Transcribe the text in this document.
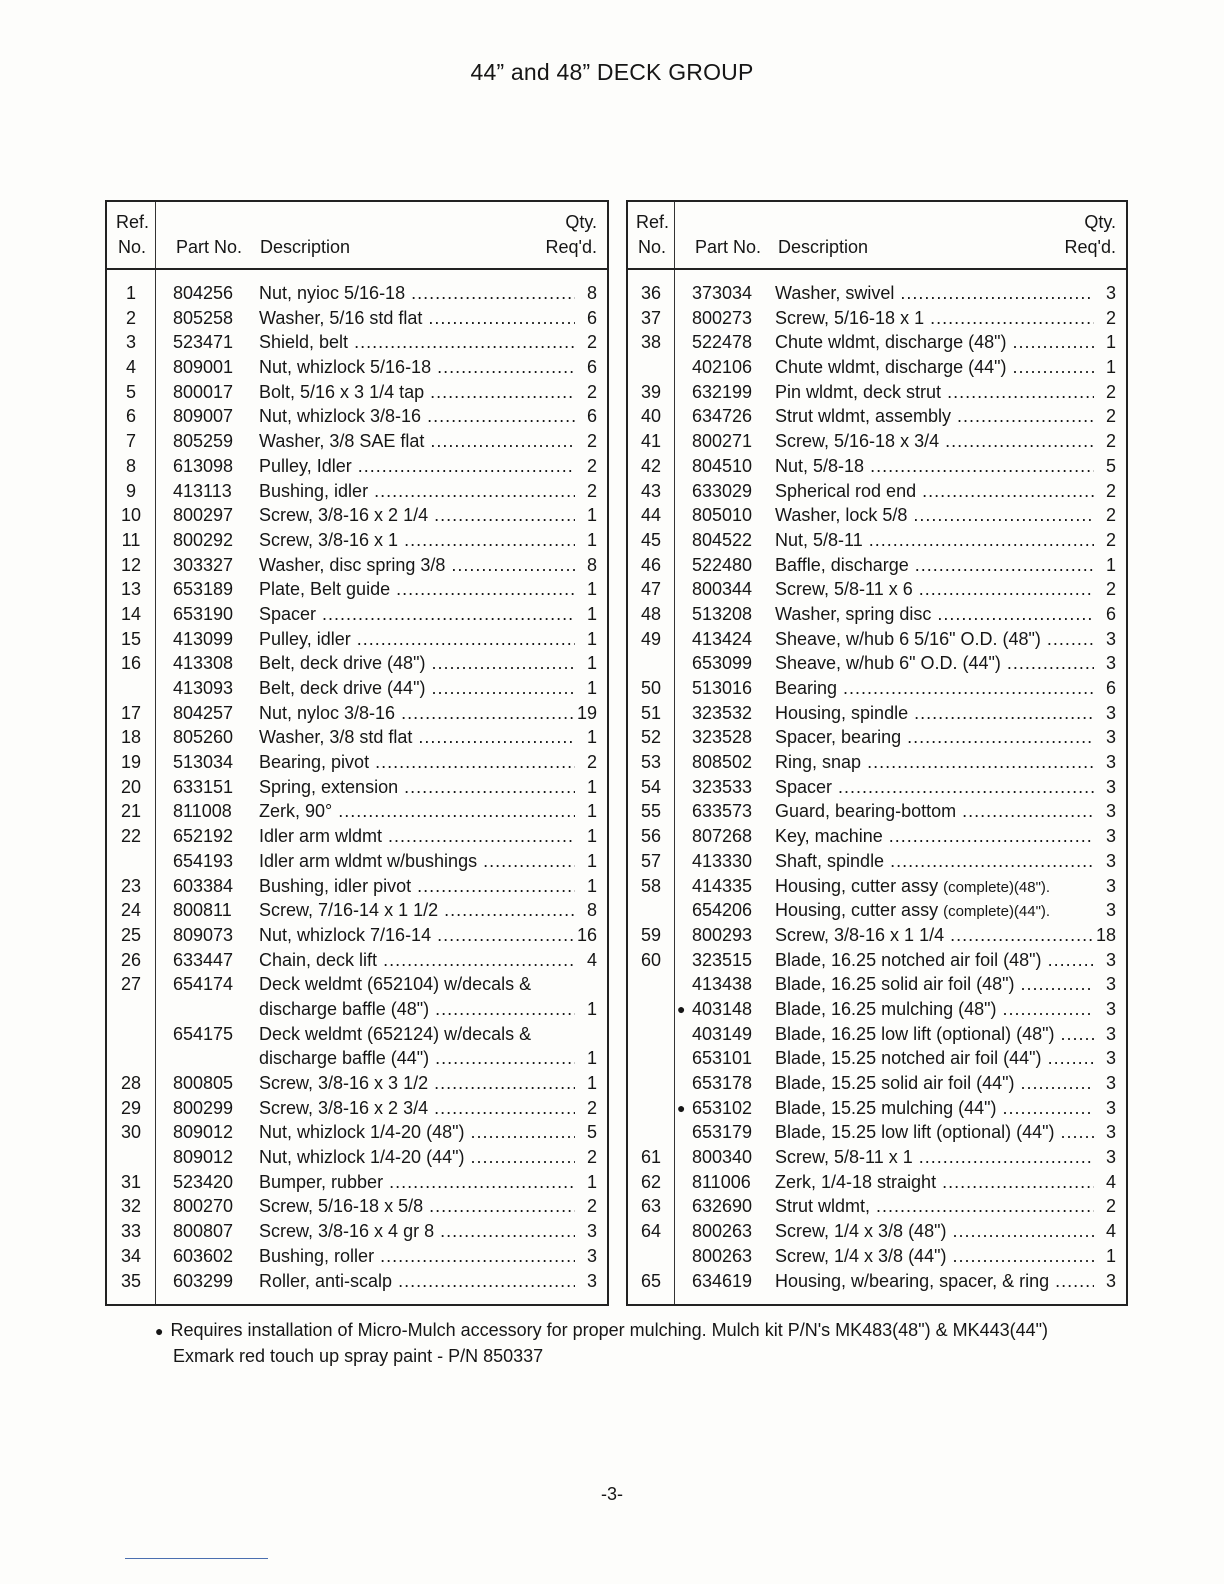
44” and 48” DECK GROUP
Ref.
No. Part No. Description
Qty.
Req'd.
1	804256 Nut, nyioc 5/16-18 .....	8
2	805258 Washer, 5/16 std flat .....	6
3	523471 Shield, belt .....	2
4	809001 Nut, whizlock 5/16-18 .....	6
5	800017 Bolt, 5/16 x 3 1/4 tap .....	2
6	809007 Nut, whizlock 3/8-16 .....	6
7	805259 Washer, 3/8 SAE flat .....	2
8	613098 Pulley, Idler .....	2
9	413113 Bushing, idler .....	2
10	800297 Screw, 3/8-16 x 2 1/4 .....	1
11	800292 Screw, 3/8-16 x 1 .....	1
12	303327 Washer, disc spring 3/8 .....	8
13	653189 Plate, Belt guide .....	1
14	653190 Spacer .....	1
15	413099 Pulley, idler .....	1
16	413308 Belt, deck drive (48") .....	1
413093 Belt, deck drive (44") .....	1
17	804257 Nut, nyloc 3/8-16 .....	19
18	805260 Washer, 3/8 std flat .....	1
19	513034 Bearing, pivot .....	2
20	633151 Spring, extension .....	1
21	811008 Zerk, 90° .....	1
22	652192 Idler arm wldmt .....	1
654193 Idler arm wldmt w/bushings .....	1
23	603384 Bushing, idler pivot .....	1
24	800811 Screw, 7/16-14 x 1 1/2 .....	8
25	809073 Nut, whizlock 7/16-14 .....	16
26	633447 Chain, deck lift .....	4
27	654174 Deck weldmt (652104) w/decals &
discharge baffle (48") .....	1
654175 Deck weldmt (652124) w/decals &
discharge baffle (44") .....	1
28	800805 Screw, 3/8-16 x 3 1/2 .....	1
29	800299 Screw, 3/8-16 x 2 3/4 .....	2
30	809012 Nut, whizlock 1/4-20 (48") .....	5
809012 Nut, whizlock 1/4-20 (44") .....	2
31	523420 Bumper, rubber .....	1
32	800270 Screw, 5/16-18 x 5/8 .....	2
33	800807 Screw, 3/8-16 x 4 gr 8 .....	3
34	603602 Bushing, roller .....	3
35	603299 Roller, anti-scalp .....	3
Ref.
No. Part No. Description
Qty.
Req'd.
36	373034 Washer, swivel .....	3
37	800273 Screw, 5/16-18 x 1 .....	2
38	522478 Chute wldmt, discharge (48") .....	1
402106 Chute wldmt, discharge (44") .....	1
39	632199 Pin wldmt, deck strut .....	2
40	634726 Strut wldmt, assembly .....	2
41	800271 Screw, 5/16-18 x 3/4 .....	2
42	804510 Nut, 5/8-18 .....	5
43	633029 Spherical rod end .....	2
44	805010 Washer, lock 5/8 .....	2
45	804522 Nut, 5/8-11 .....	2
46	522480 Baffle, discharge .....	1
47	800344 Screw, 5/8-11 x 6 .....	2
48	513208 Washer, spring disc .....	6
49	413424 Sheave, w/hub 6 5/16" O.D. (48") .....	3
653099 Sheave, w/hub 6" O.D. (44") .....	3
50	513016 Bearing .....	6
51	323532 Housing, spindle .....	3
52	323528 Spacer, bearing .....	3
53	808502 Ring, snap .....	3
54	323533 Spacer .....	3
55	633573 Guard, bearing-bottom .....	3
56	807268 Key, machine .....	3
57	413330 Shaft, spindle .....	3
58	414335 Housing, cutter assy (complete)(48").	3
654206 Housing, cutter assy (complete)(44").	3
59	800293 Screw, 3/8-16 x 1 1/4 .....	18
60	323515 Blade, 16.25 notched air foil (48") .....	3
413438 Blade, 16.25 solid air foil (48") .....	3
● 403148 Blade, 16.25 mulching (48") .....	3
403149 Blade, 16.25 low lift (optional) (48") .....	3
653101 Blade, 15.25 notched air foil (44") .....	3
653178 Blade, 15.25 solid air foil (44") .....	3
● 653102 Blade, 15.25 mulching (44") .....	3
653179 Blade, 15.25 low lift (optional) (44") .....	3
61	800340 Screw, 5/8-11 x 1 .....	3
62	811006 Zerk, 1/4-18 straight .....	4
63	632690 Strut wldmt, .....	2
64	800263 Screw, 1/4 x 3/8 (48") .....	4
800263 Screw, 1/4 x 3/8 (44") .....	1
65	634619 Housing, w/bearing, spacer, & ring .....	3
● Requires installation of Micro-Mulch accessory for proper mulching. Mulch kit P/N's MK483(48") & MK443(44")
Exmark red touch up spray paint - P/N 850337
-3-
